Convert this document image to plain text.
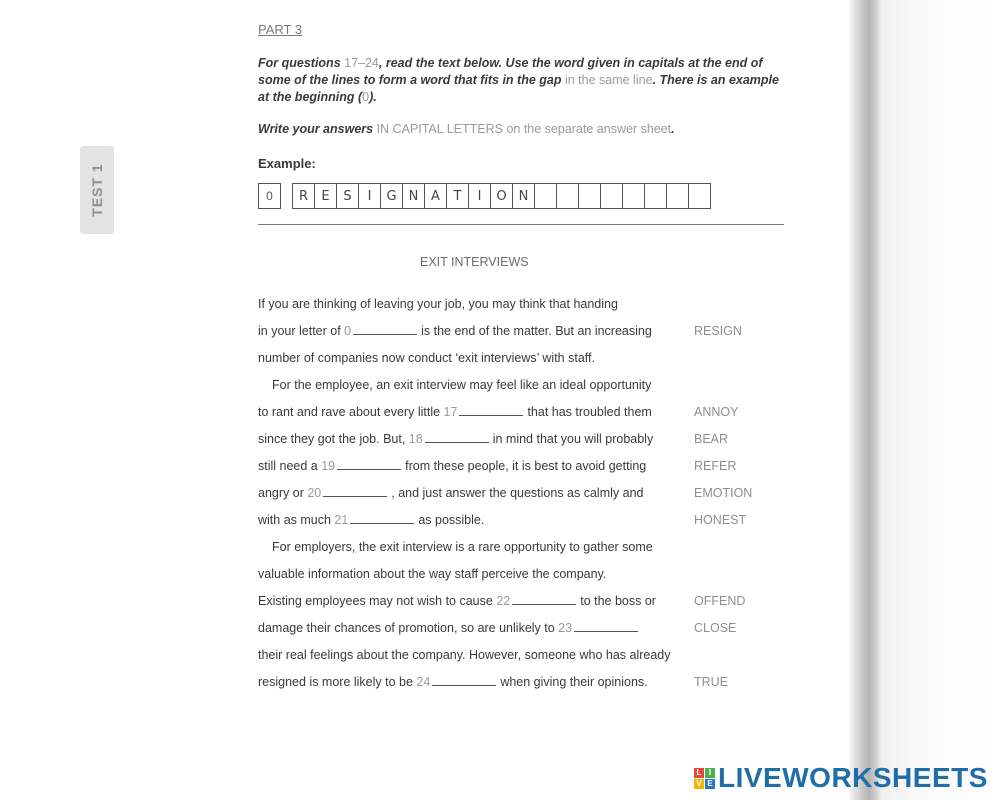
TEST 1
PART 3
For questions 17–24, read the text below. Use the word given in capitals at the end of some of the lines to form a word that fits in the gap in the same line. There is an example at the beginning (0).
Write your answers IN CAPITAL LETTERS on the separate answer sheet.
Example:
0	R	E	S	I	G N A	T	I	O N
EXIT INTERVIEWS
If you are thinking of leaving your job, you may think that handing
in your letter of 0	is the end of the matter. But an increasing	RESIGN
number of companies now conduct ‘exit interviews’ with staff.
For the employee, an exit interview may feel like an ideal opportunity
to rant and rave about every little 17	that has troubled them	ANNOY
since they got the job. But, 18	in mind that you will probably	BEAR
still need a 19	from these people, it is best to avoid getting	REFER
angry or 20	, and just answer the questions as calmly and	EMOTION
with as much 21	as possible.	HONEST
For employers, the exit interview is a rare opportunity to gather some
valuable information about the way staff perceive the company.
Existing employees may not wish to cause 22	to the boss or	OFFEND
damage their chances of promotion, so are unlikely to 23	CLOSE
their real feelings about the company. However, someone who has already
resigned is more likely to be 24	when giving their opinions.	TRUE
L I
V E LIVEWORKSHEETS
